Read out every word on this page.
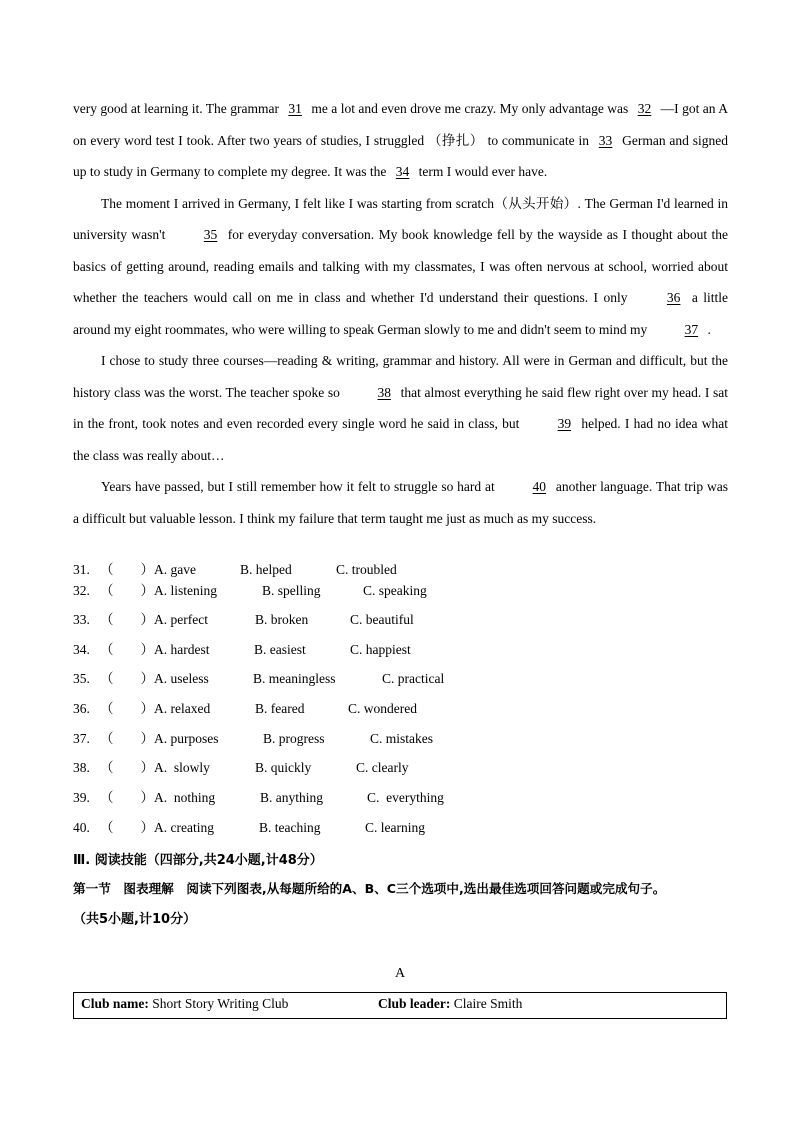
very good at learning it. The grammar 31 me a lot and even drove me crazy. My only advantage was 32 —I got an A on every word test I took. After two years of studies, I struggled （挣扎） to communicate in 33 German and signed up to study in Germany to complete my degree. It was the 34 term I would ever have.

The moment I arrived in Germany, I felt like I was starting from scratch（从头开始）. The German I'd learned in university wasn't	35 for everyday conversation. My book knowledge fell by the wayside as I thought about the basics of getting around, reading emails and talking with my classmates, I was often nervous at school, worried about whether the teachers would call on me in class and whether I'd understand their questions. I only	36 a little around my eight roommates, who were willing to speak German slowly to me and didn't seem to mind my	37 .

I chose to study three courses—reading & writing, grammar and history. All were in German and difficult, but the history class was the worst. The teacher spoke so	38 that almost everything he said flew right over my head. I sat in the front, took notes and even recorded every single word he said in class, but	39 helped. I had no idea what the class was really about…

Years have passed, but I still remember how it felt to struggle so hard at	40 another language. That trip was a difficult but valuable lesson. I think my failure that term taught me just as much as my success.

31. （　　） A. gave	B. helped	C. troubled
32. （　　） A. listening	B. spelling	C. speaking
33. （　　） A. perfect	B. broken	C. beautiful
34. （　　） A. hardest	B. easiest	C. happiest
35. （　　） A. useless	B. meaningless	C. practical
36. （　　） A. relaxed	B. feared	C. wondered
37. （　　） A. purposes	B. progress	C. mistakes
38. （　　） A.  slowly	B. quickly	C. clearly
39. （　　） A.  nothing	B. anything	C.  everything
40. （　　） A. creating	B. teaching	C. learning
Ⅲ. 阅读技能（四部分,共24小题,计48分）
第一节　图表理解　阅读下列图表,从每题所给的A、B、C三个选项中,选出最佳选项回答问题或完成句子。
（共5小题,计10分）
A
Club name: Short Story Writing Club	Club leader: Claire Smith
